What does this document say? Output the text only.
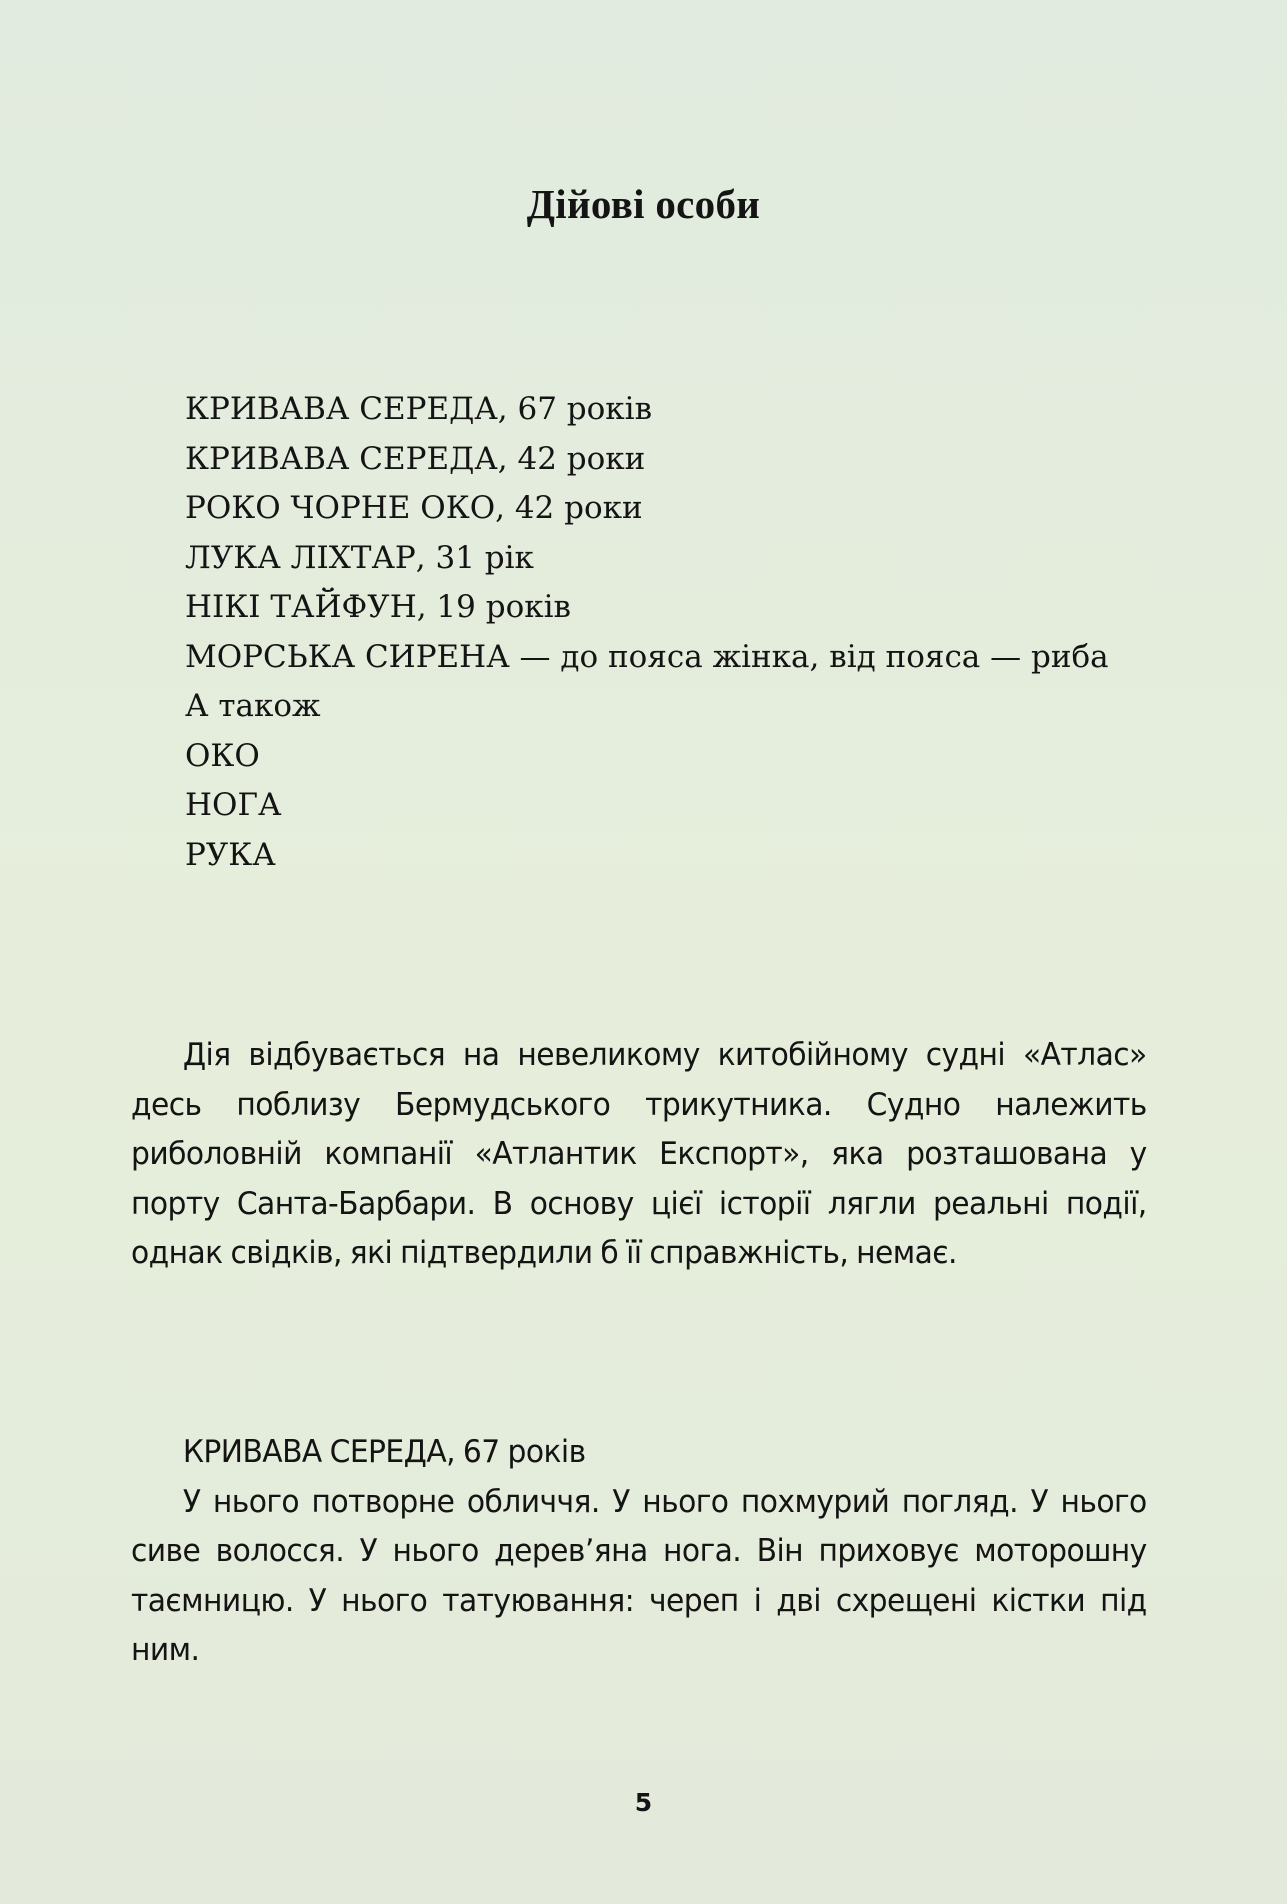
Дійові особи
КРИВАВА СЕРЕДА, 67 років
КРИВАВА СЕРЕДА, 42 роки
РОКО ЧОРНЕ ОКО, 42 роки
ЛУКА ЛІХТАР, 31 рік
НІКІ ТАЙФУН, 19 років
МОРСЬКА СИРЕНА — до пояса жінка, від пояса — риба
А також
ОКО
НОГА
РУКА
Дія відбувається на невеликому китобійному судні «Атлас» десь поблизу Бермудського трикутника. Судно належить риболовній компанії «Атлантик Експорт», яка розташована у порту Санта-Барбари. В основу цієї історії лягли реальні події, однак свідків, які підтвердили б її справжність, немає.
КРИВАВА СЕРЕДА, 67 років
У нього потворне обличчя. У нього похмурий погляд. У нього сиве волосся. У нього дерев’яна нога. Він приховує моторошну таємницю. У нього татуювання: череп і дві схрещені кістки під ним.
5
